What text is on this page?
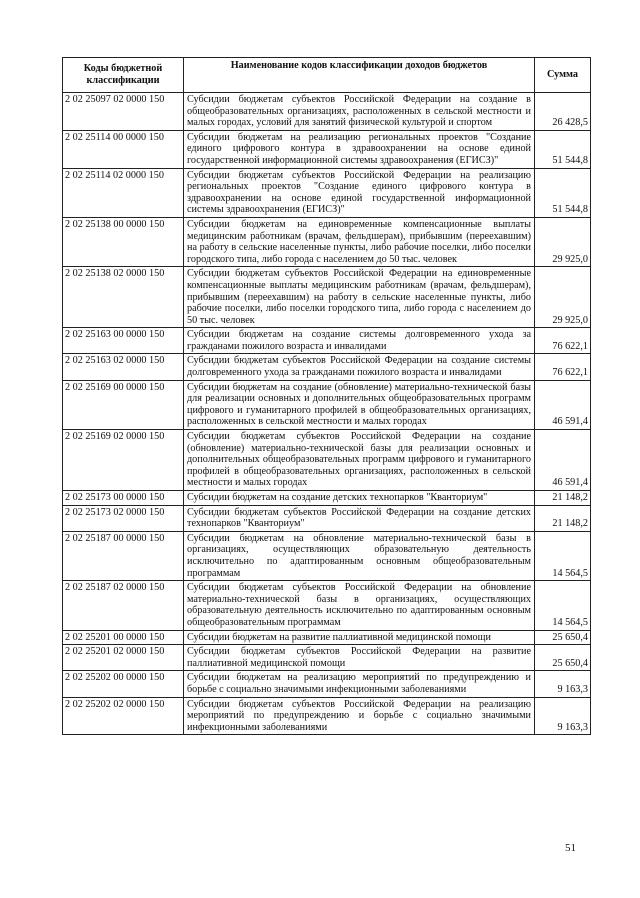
Коды бюджетной классификации	Наименование кодов классификации доходов бюджетов	Сумма
2 02 25097 02 0000 150	Субсидии бюджетам субъектов Российской Федерации на создание в общеобразовательных организациях, расположенных в сельской местности и малых городах, условий для занятий физической культурой и спортом	26 428,5
2 02 25114 00 0000 150	Субсидии бюджетам на реализацию региональных проектов "Создание единого цифрового контура в здравоохранении на основе единой государственной информационной системы здравоохранения (ЕГИСЗ)"	51 544,8
2 02 25114 02 0000 150	Субсидии бюджетам субъектов Российской Федерации на реализацию региональных проектов "Создание единого цифрового контура в здравоохранении на основе единой государственной информационной системы здравоохранения (ЕГИСЗ)"	51 544,8
2 02 25138 00 0000 150	Субсидии бюджетам на единовременные компенсационные выплаты медицинским работникам (врачам, фельдшерам), прибывшим (переехавшим) на работу в сельские населенные пункты, либо рабочие поселки, либо поселки городского типа, либо города с населением до 50 тыс. человек	29 925,0
2 02 25138 02 0000 150	Субсидии бюджетам субъектов Российской Федерации на единовременные компенсационные выплаты медицинским работникам (врачам, фельдшерам), прибывшим (переехавшим) на работу в сельские населенные пункты, либо рабочие поселки, либо поселки городского типа, либо города с населением до 50 тыс. человек	29 925,0
2 02 25163 00 0000 150	Субсидии бюджетам на создание системы долговременного ухода за гражданами пожилого возраста и инвалидами	76 622,1
2 02 25163 02 0000 150	Субсидии бюджетам субъектов Российской Федерации на создание системы долговременного ухода за гражданами пожилого возраста и инвалидами	76 622,1
2 02 25169 00 0000 150	Субсидии бюджетам на создание (обновление) материально-технической базы для реализации основных и дополнительных общеобразовательных программ цифрового и гуманитарного профилей в общеобразовательных организациях, расположенных в сельской местности и малых городах	46 591,4
2 02 25169 02 0000 150	Субсидии бюджетам субъектов Российской Федерации на создание (обновление) материально-технической базы для реализации основных и дополнительных общеобразовательных программ цифрового и гуманитарного профилей в общеобразовательных организациях, расположенных в сельской местности и малых городах	46 591,4
2 02 25173 00 0000 150	Субсидии бюджетам на создание детских технопарков "Кванториум"	21 148,2
2 02 25173 02 0000 150	Субсидии бюджетам субъектов Российской Федерации на создание детских технопарков "Кванториум"	21 148,2
2 02 25187 00 0000 150	Субсидии бюджетам на обновление материально-технической базы в организациях, осуществляющих образовательную деятельность исключительно по адаптированным основным общеобразовательным программам	14 564,5
2 02 25187 02 0000 150	Субсидии бюджетам субъектов Российской Федерации на обновление материально-технической базы в организациях, осуществляющих образовательную деятельность исключительно по адаптированным основным общеобразовательным программам	14 564,5
2 02 25201 00 0000 150	Субсидии бюджетам на развитие паллиативной медицинской помощи	25 650,4
2 02 25201 02 0000 150	Субсидии бюджетам субъектов Российской Федерации на развитие паллиативной медицинской помощи	25 650,4
2 02 25202 00 0000 150	Субсидии бюджетам на реализацию мероприятий по предупреждению и борьбе с социально значимыми инфекционными заболеваниями	9 163,3
2 02 25202 02 0000 150	Субсидии бюджетам субъектов Российской Федерации на реализацию мероприятий по предупреждению и борьбе с социально значимыми инфекционными заболеваниями	9 163,3
51
